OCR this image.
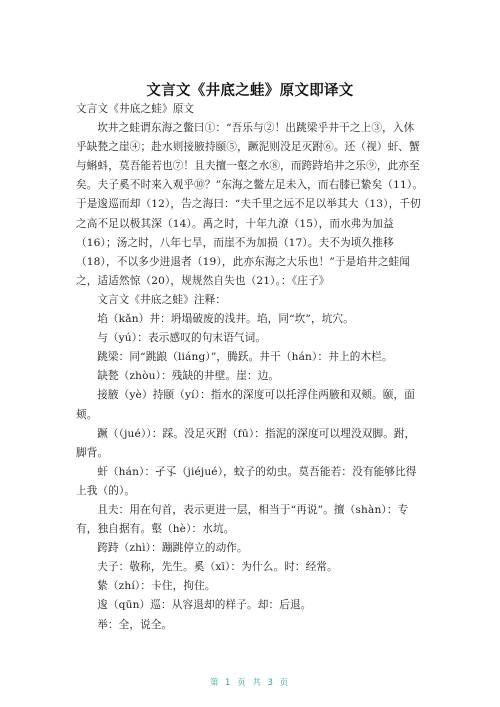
文言文《井底之蛙》原文即译文

文言文《井底之蛙》原文

坎井之蛙谓东海之鳖曰①：“吾乐与②！出跳梁乎井干之上③，入休乎缺甃之崖④；赴水则接腋持颐⑤，蹶泥则没足灭跗⑥。还（视）虷、蟹与蝌蚪，莫吾能若也⑦！且夫擅一壑之水⑧，而跨跱埳井之乐⑨，此亦至矣。夫子奚不时来入观乎⑩？”东海之鳖左足未入，而右膝已絷矣（11）。于是逡巡而却（12），告之海曰：“夫千里之远不足以举其大（13），千仞之高不足以极其深（14）。禹之时，十年九潦（15），而水弗为加益（16）；汤之时，八年七旱，而崖不为加损（17）。夫不为顷久推移（18），不以多少进退者（19），此亦东海之大乐也！”于是埳井之蛙闻之，适适然惊（20），规规然自失也（21）。：《庄子》

文言文《井底之蛙》注释：

埳（kǎn）井：坍塌破废的浅井。埳，同“坎”，坑穴。

与（yú）：表示感叹的句末语气词。

跳梁：同“跳踉（liáng）”，腾跃。井干（hán）：井上的木栏。

缺甃（zhòu）：残缺的井壁。崖：边。

接腋（yè）持颐（yí）：指水的深度可以托浮住两腋和双颊。颐，面颊。

蹶（（jué））：踩。没足灭跗（fū）：指泥的深度可以埋没双脚。跗，脚背。

虷（hán）：孑孓（jiéjué），蚊子的幼虫。莫吾能若：没有能够比得上我（的）。

且夫：用在句首，表示更进一层，相当于“再说”。擅（shàn）：专有，独自据有。壑（hè）：水坑。

跨跱（zhì）：蹦跳停立的动作。

夫子：敬称，先生。奚（xī）：为什么。时：经常。

絷（zhí）：卡住，拘住。

逡（qūn）巡：从容退却的样子。却：后退。

举：全，说全。

第 1 页 共 3 页
